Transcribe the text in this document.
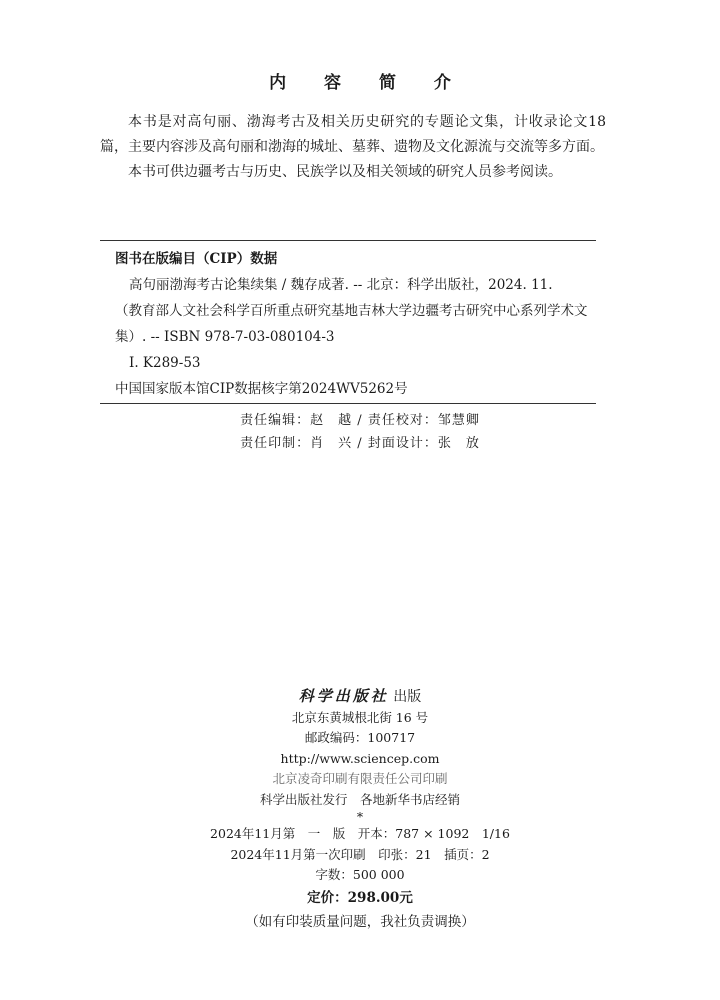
内 容 简 介

本书是对高句丽、渤海考古及相关历史研究的专题论文集，计收录论文18篇，主要内容涉及高句丽和渤海的城址、墓葬、遗物及文化源流与交流等多方面。

本书可供边疆考古与历史、民族学以及相关领域的研究人员参考阅读。

图书在版编目（CIP）数据
高句丽渤海考古论集续集 / 魏存成著. -- 北京：科学出版社，2024. 11.
（教育部人文社会科学百所重点研究基地吉林大学边疆考古研究中心系列学术文集）. -- ISBN 978-7-03-080104-3
Ⅰ. K289-53
中国国家版本馆CIP数据核字第2024WV5262号
责任编辑：赵　越 / 责任校对：邹慧卿
责任印制：肖　兴 / 封面设计：张　放
科学出版社 出版
北京东黄城根北街 16 号
邮政编码：100717
http://www.sciencep.com
北京凌奇印刷有限责任公司印刷
科学出版社发行　各地新华书店经销
*
2024年11月第　一　版　开本：787 × 1092　1/16
2024年11月第一次印刷　印张：21　插页：2
字数：500 000
定价：298.00元
（如有印装质量问题，我社负责调换）
